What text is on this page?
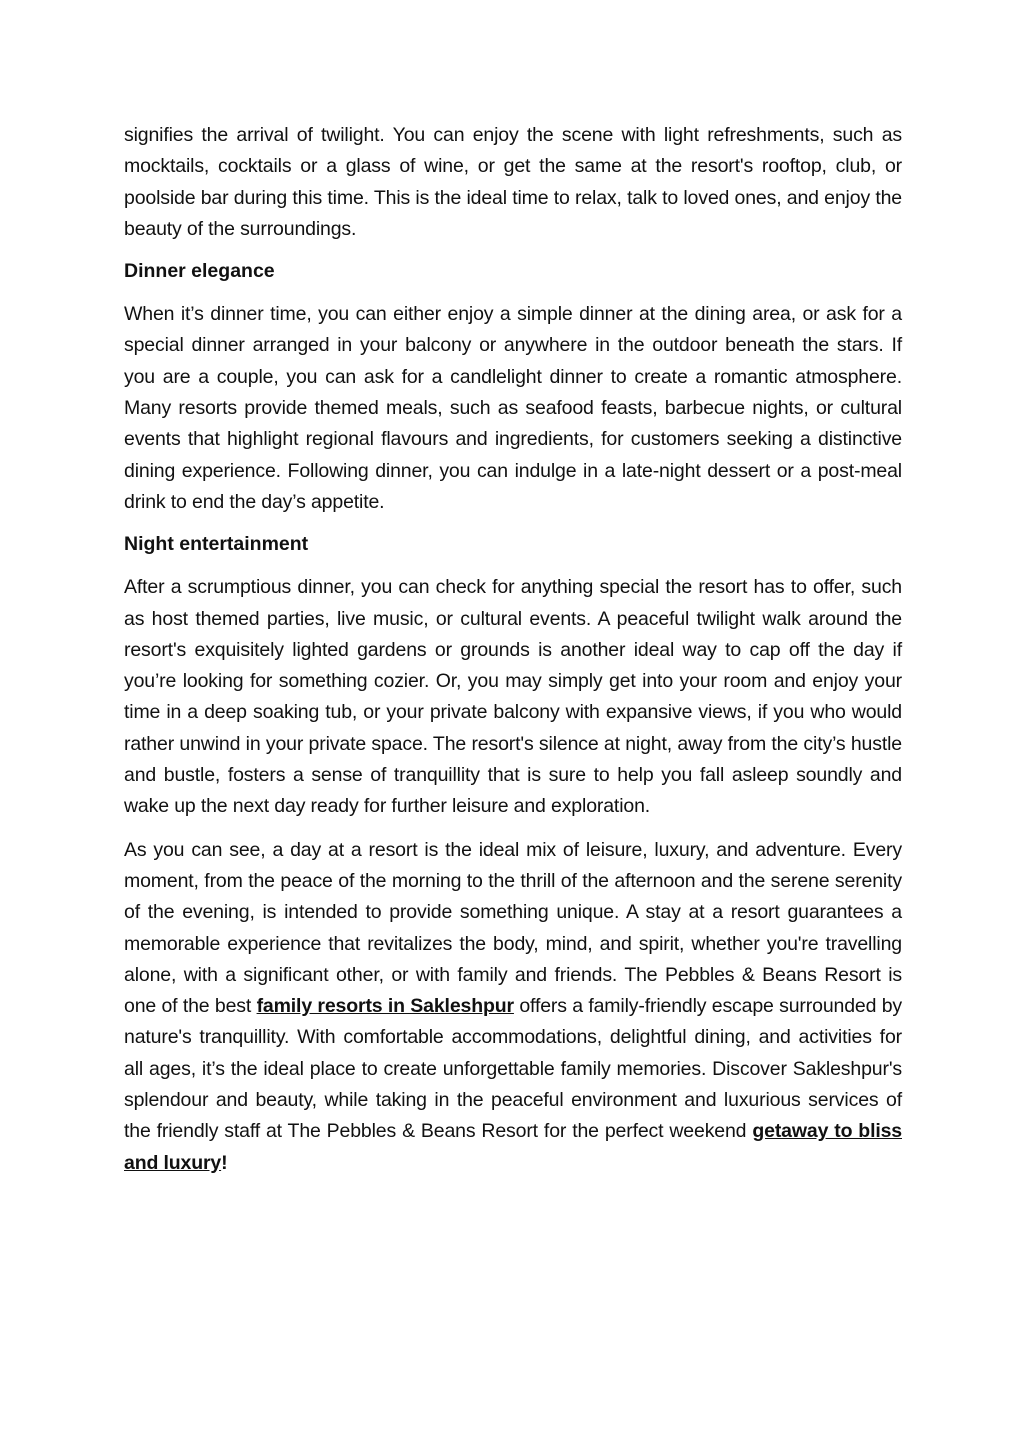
signifies the arrival of twilight. You can enjoy the scene with light refreshments, such as mocktails, cocktails or a glass of wine, or get the same at the resort's rooftop, club, or poolside bar during this time. This is the ideal time to relax, talk to loved ones, and enjoy the beauty of the surroundings.

Dinner elegance

When it’s dinner time, you can either enjoy a simple dinner at the dining area, or ask for a special dinner arranged in your balcony or anywhere in the outdoor beneath the stars. If you are a couple, you can ask for a candlelight dinner to create a romantic atmosphere. Many resorts provide themed meals, such as seafood feasts, barbecue nights, or cultural events that highlight regional flavours and ingredients, for customers seeking a distinctive dining experience. Following dinner, you can indulge in a late-night dessert or a post-meal drink to end the day’s appetite.

Night entertainment

After a scrumptious dinner, you can check for anything special the resort has to offer, such as host themed parties, live music, or cultural events. A peaceful twilight walk around the resort's exquisitely lighted gardens or grounds is another ideal way to cap off the day if you’re looking for something cozier. Or, you may simply get into your room and enjoy your time in a deep soaking tub, or your private balcony with expansive views, if you who would rather unwind in your private space. The resort's silence at night, away from the city’s hustle and bustle, fosters a sense of tranquillity that is sure to help you fall asleep soundly and wake up the next day ready for further leisure and exploration.

As you can see, a day at a resort is the ideal mix of leisure, luxury, and adventure. Every moment, from the peace of the morning to the thrill of the afternoon and the serene serenity of the evening, is intended to provide something unique. A stay at a resort guarantees a memorable experience that revitalizes the body, mind, and spirit, whether you're travelling alone, with a significant other, or with family and friends. The Pebbles & Beans Resort is one of the best family resorts in Sakleshpur offers a family-friendly escape surrounded by nature's tranquillity. With comfortable accommodations, delightful dining, and activities for all ages, it’s the ideal place to create unforgettable family memories. Discover Sakleshpur's splendour and beauty, while taking in the peaceful environment and luxurious services of the friendly staff at The Pebbles & Beans Resort for the perfect weekend getaway to bliss and luxury!
